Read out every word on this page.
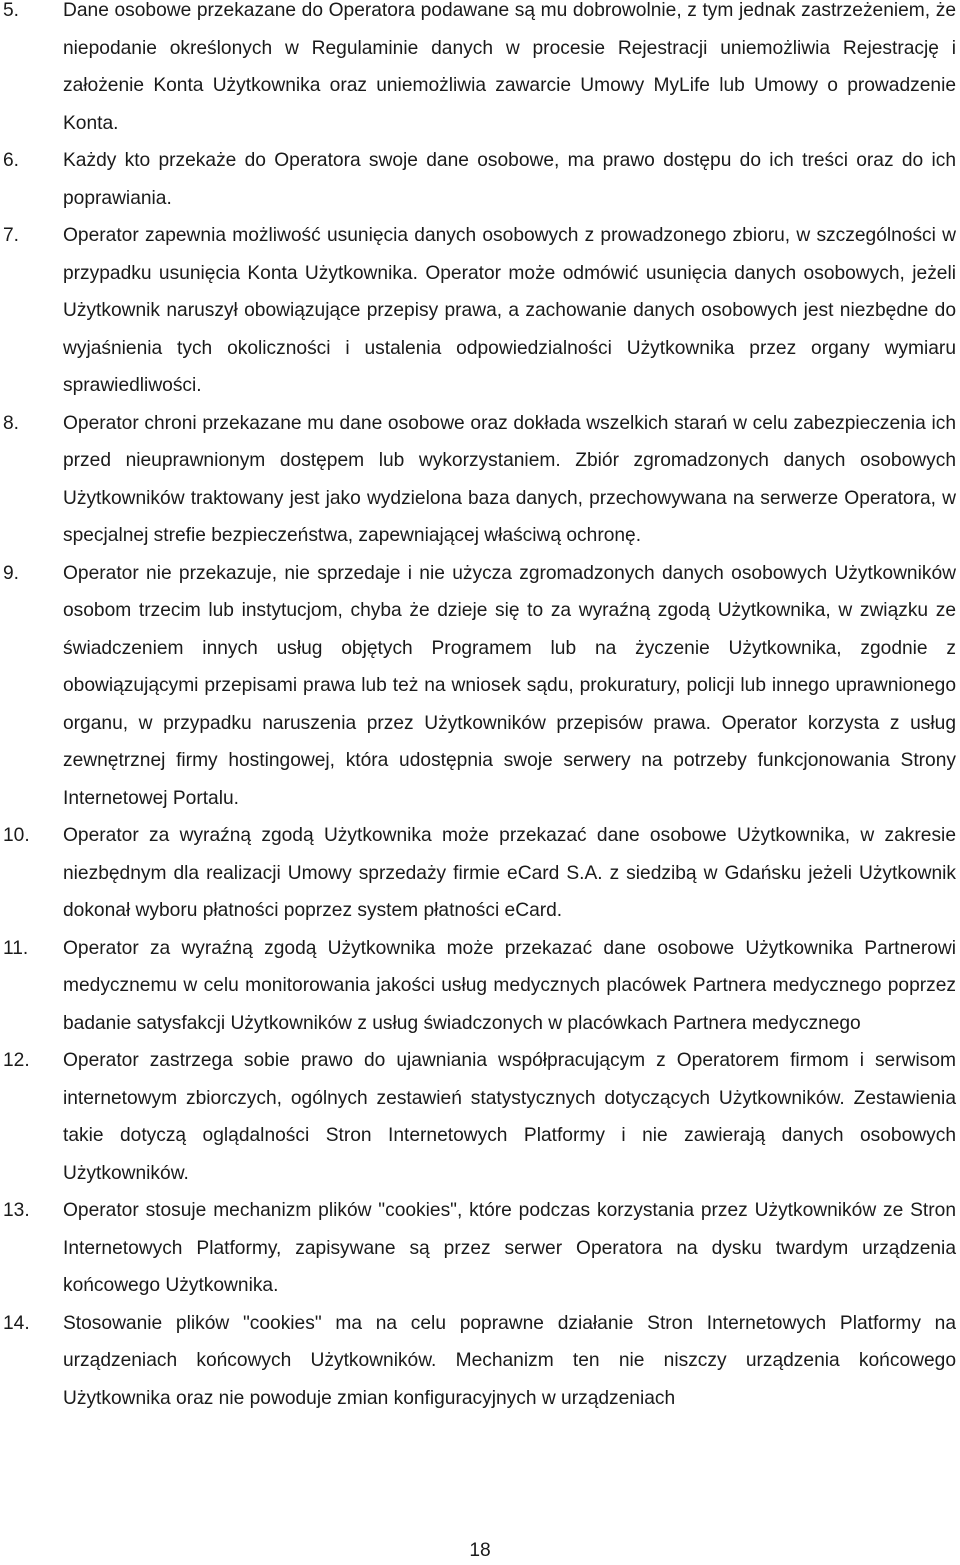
5.	Dane osobowe przekazane do Operatora podawane są mu dobrowolnie, z tym jednak zastrzeżeniem, że niepodanie określonych w Regulaminie danych w procesie Rejestracji uniemożliwia Rejestrację i założenie Konta Użytkownika oraz uniemożliwia zawarcie Umowy MyLife lub Umowy o prowadzenie Konta.
6.	Każdy kto przekaże do Operatora swoje dane osobowe, ma prawo dostępu do ich treści oraz do ich poprawiania.
7.	Operator zapewnia możliwość usunięcia danych osobowych z prowadzonego zbioru, w szczególności w przypadku usunięcia Konta Użytkownika. Operator może odmówić usunięcia danych osobowych, jeżeli Użytkownik naruszył obowiązujące przepisy prawa, a zachowanie danych osobowych jest niezbędne do wyjaśnienia tych okoliczności i ustalenia odpowiedzialności Użytkownika przez organy wymiaru sprawiedliwości.
8.	Operator chroni przekazane mu dane osobowe oraz dokłada wszelkich starań w celu zabezpieczenia ich przed nieuprawnionym dostępem lub wykorzystaniem. Zbiór zgromadzonych danych osobowych Użytkowników traktowany jest jako wydzielona baza danych, przechowywana na serwerze Operatora, w specjalnej strefie bezpieczeństwa, zapewniającej właściwą ochronę.
9.	Operator nie przekazuje, nie sprzedaje i nie użycza zgromadzonych danych osobowych Użytkowników osobom trzecim lub instytucjom, chyba że dzieje się to za wyraźną zgodą Użytkownika, w związku ze świadczeniem innych usług objętych Programem lub na życzenie Użytkownika, zgodnie z obowiązującymi przepisami prawa lub też na wniosek sądu, prokuratury, policji lub innego uprawnionego organu, w przypadku naruszenia przez Użytkowników przepisów prawa. Operator korzysta z usług zewnętrznej firmy hostingowej, która udostępnia swoje serwery na potrzeby funkcjonowania Strony Internetowej Portalu.
10.	Operator za wyraźną zgodą Użytkownika może przekazać dane osobowe Użytkownika, w zakresie niezbędnym dla realizacji Umowy sprzedaży firmie eCard S.A. z siedzibą w Gdańsku jeżeli Użytkownik dokonał wyboru płatności poprzez system płatności eCard.
11.	Operator za wyraźną zgodą Użytkownika może przekazać dane osobowe Użytkownika Partnerowi medycznemu w celu monitorowania jakości usług medycznych placówek Partnera medycznego poprzez badanie satysfakcji Użytkowników z usług świadczonych w placówkach Partnera medycznego
12.	Operator zastrzega sobie prawo do ujawniania współpracującym z Operatorem firmom i serwisom internetowym zbiorczych, ogólnych zestawień statystycznych dotyczących Użytkowników. Zestawienia takie dotyczą oglądalności Stron Internetowych Platformy i nie zawierają danych osobowych Użytkowników.
13.	Operator stosuje mechanizm plików "cookies", które podczas korzystania przez Użytkowników ze Stron Internetowych Platformy, zapisywane są przez serwer Operatora na dysku twardym urządzenia końcowego Użytkownika.
14.	Stosowanie plików "cookies" ma na celu poprawne działanie Stron Internetowych Platformy na urządzeniach końcowych Użytkowników. Mechanizm ten nie niszczy urządzenia końcowego Użytkownika oraz nie powoduje zmian konfiguracyjnych w urządzeniach
18
